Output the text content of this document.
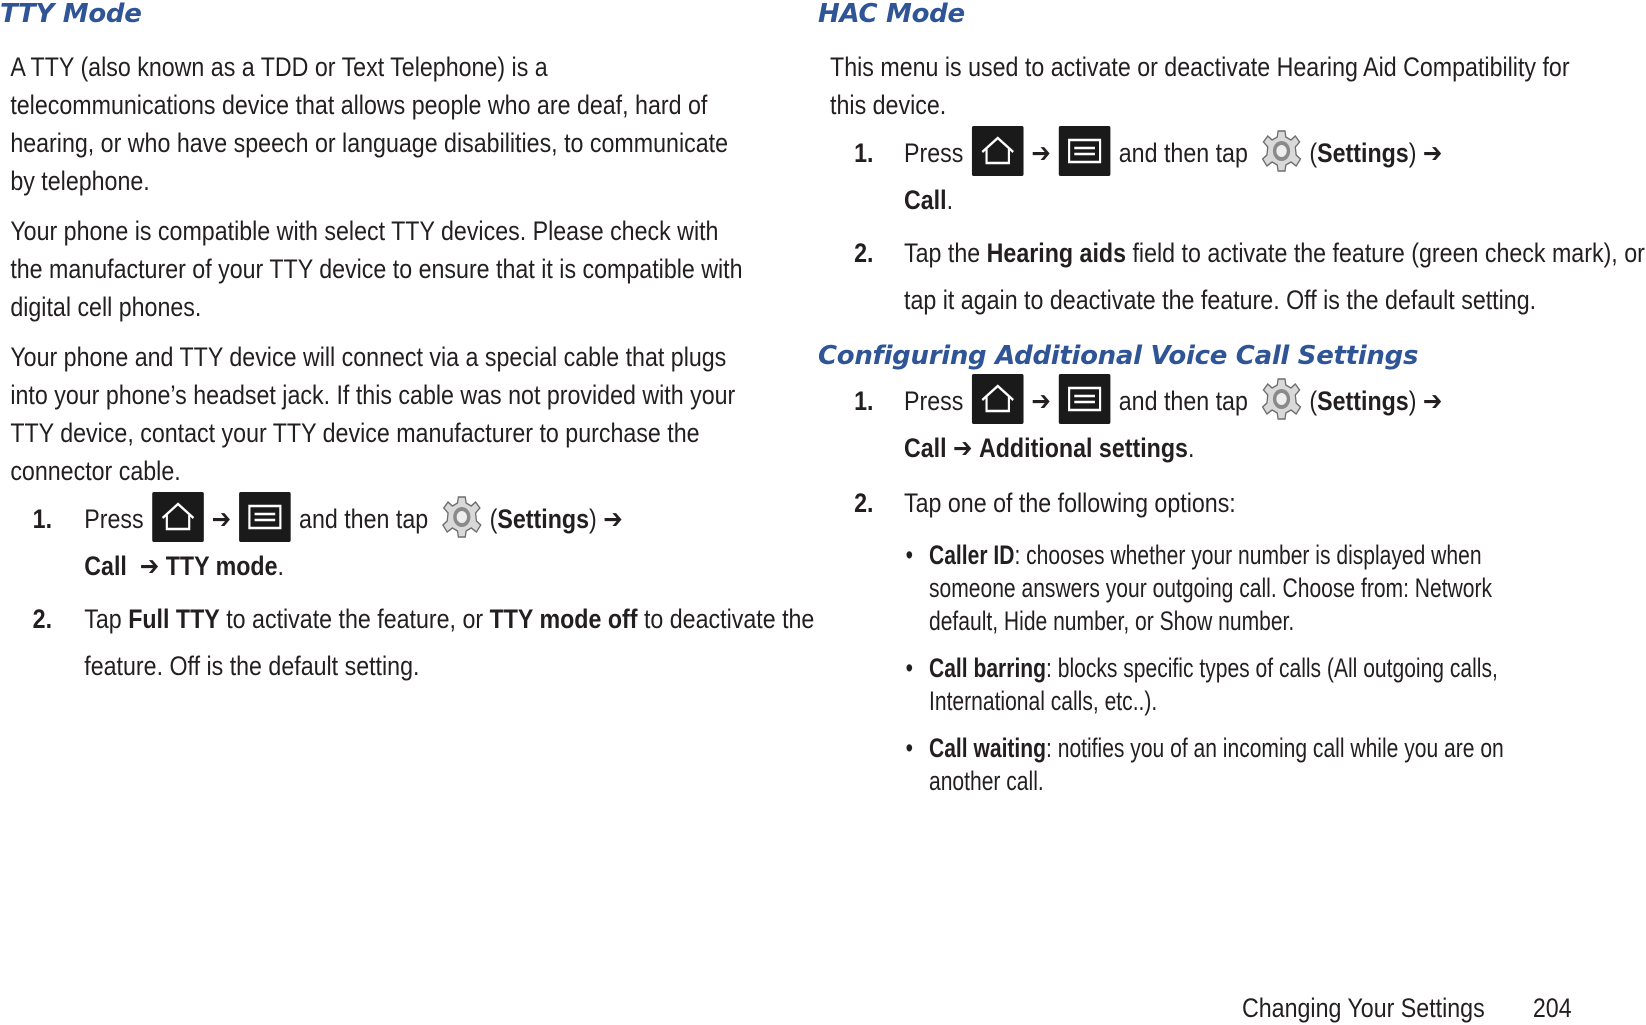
TTY Mode

A TTY (also known as a TDD or Text Telephone) is a telecommunications device that allows people who are deaf, hard of hearing, or who have speech or language disabilities, to communicate by telephone.

Your phone is compatible with select TTY devices. Please check with the manufacturer of your TTY device to ensure that it is compatible with digital cell phones.

Your phone and TTY device will connect via a special cable that plugs into your phone’s headset jack. If this cable was not provided with your TTY device, contact your TTY device manufacturer to purchase the connector cable.

1. Press	➔	and then tap (Settings) ➔
Call ➔ TTY mode.
2. Tap Full TTY to activate the feature, or TTY mode off to deactivate the feature. Off is the default setting.
HAC Mode

This menu is used to activate or deactivate Hearing Aid Compatibility for this device.

1. Press	➔	and then tap (Settings) ➔
Call.
2. Tap the Hearing aids field to activate the feature (green check mark), or tap it again to deactivate the feature. Off is the default setting.
Configuring Additional Voice Call Settings
1. Press	➔	and then tap (Settings) ➔
Call ➔ Additional settings.
2. Tap one of the following options:
• Caller ID: chooses whether your number is displayed when someone answers your outgoing call. Choose from: Network default, Hide number, or Show number.
• Call barring: blocks specific types of calls (All outgoing calls, International calls, etc..).
• Call waiting: notifies you of an incoming call while you are on another call.
Changing Your Settings 204
